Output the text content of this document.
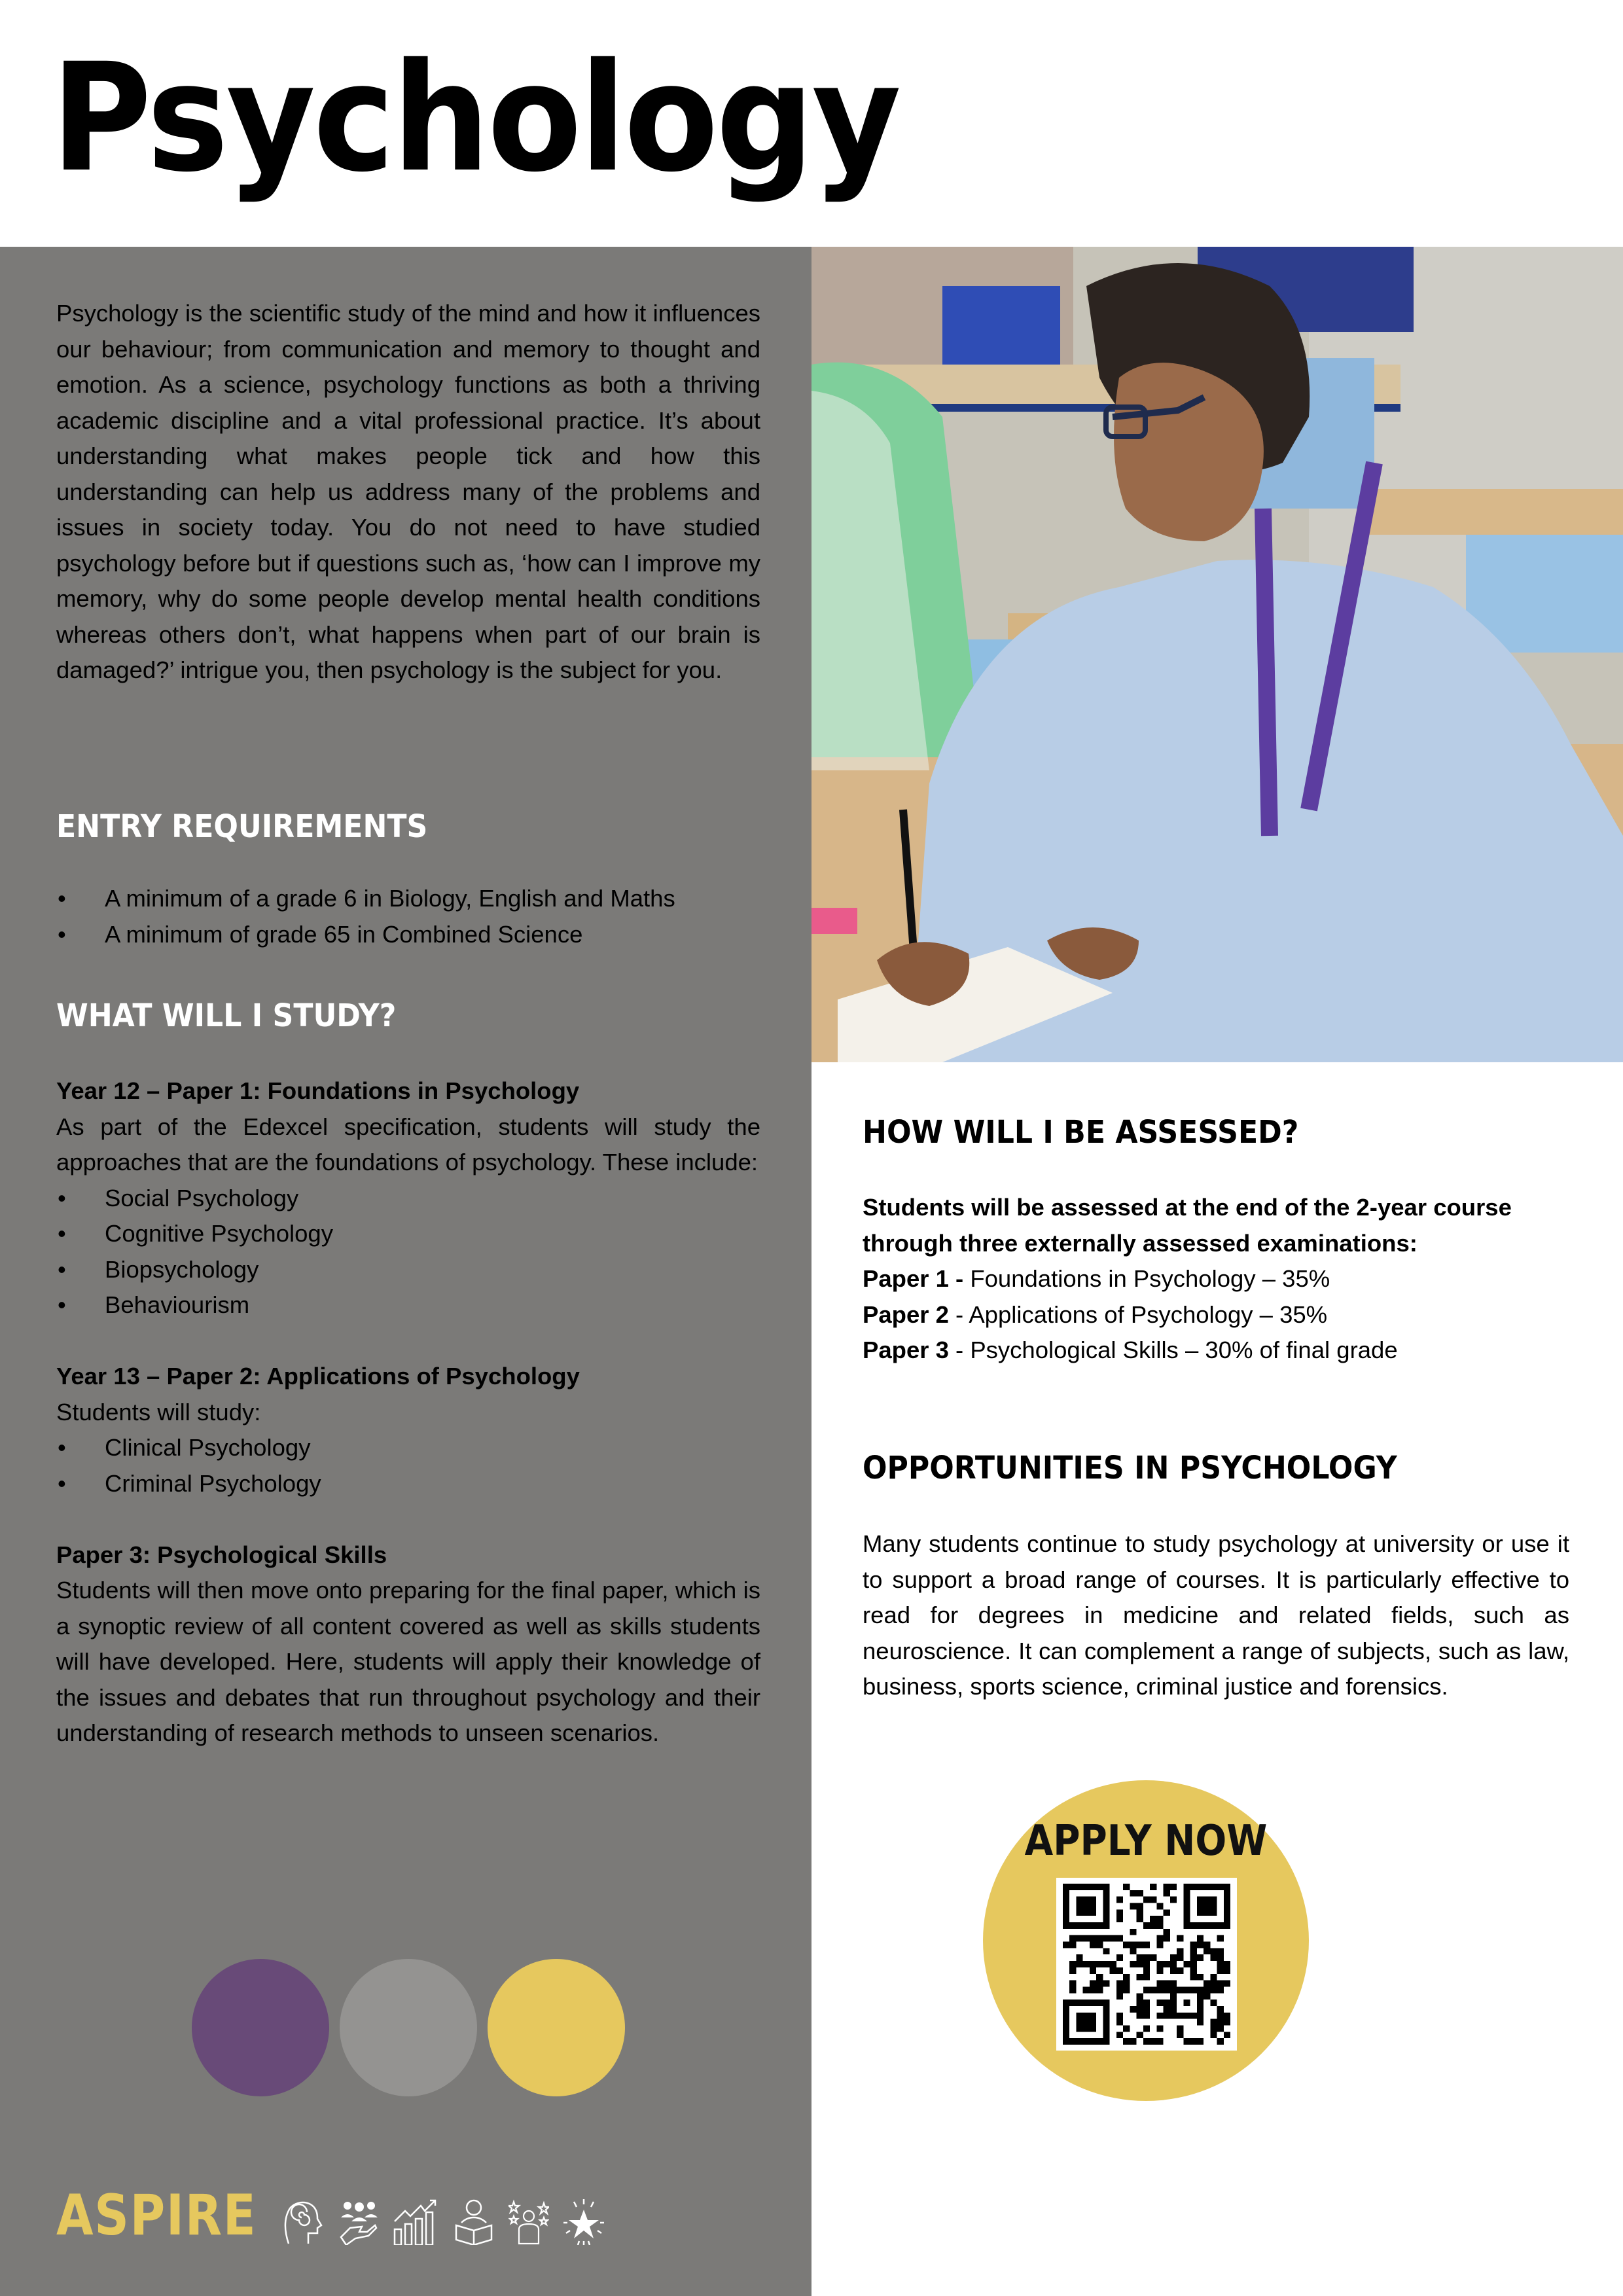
Psychology
Psychology is the scientific study of the mind and how it influences our behaviour; from communication and memory to thought and emotion. As a science, psychology functions as both a thriving academic discipline and a vital professional practice. It’s about understanding what makes people tick and how this understanding can help us address many of the problems and issues in society today. You do not need to have studied psychology before but if questions such as, ‘how can I improve my memory, why do some people develop mental health conditions whereas others don’t, what happens when part of our brain is damaged?’ intrigue you, then psychology is the subject for you.
ENTRY REQUIREMENTS
• A minimum of a grade 6 in Biology, English and Maths
• A minimum of grade 65 in Combined Science
WHAT WILL I STUDY?
Year 12 – Paper 1: Foundations in Psychology
As part of the Edexcel specification, students will study the approaches that are the foundations of psychology. These include:
• Social Psychology
• Cognitive Psychology
• Biopsychology
• Behaviourism
Year 13 – Paper 2: Applications of Psychology
Students will study:
• Clinical Psychology
• Criminal Psychology
Paper 3: Psychological Skills
Students will then move onto preparing for the final paper, which is a synoptic review of all content covered as well as skills students will have developed. Here, students will apply their knowledge of the issues and debates that run throughout psychology and their understanding of research methods to unseen scenarios.
ASPIRE
HOW WILL I BE ASSESSED?
Students will be assessed at the end of the 2-year course through three externally assessed examinations:
Paper 1 - Foundations in Psychology – 35%
Paper 2 - Applications of Psychology – 35%
Paper 3 - Psychological Skills – 30% of final grade
OPPORTUNITIES IN PSYCHOLOGY
Many students continue to study psychology at university or use it to support a broad range of courses. It is particularly effective to read for degrees in medicine and related fields, such as neuroscience. It can complement a range of subjects, such as law, business, sports science, criminal justice and forensics.
APPLY NOW
